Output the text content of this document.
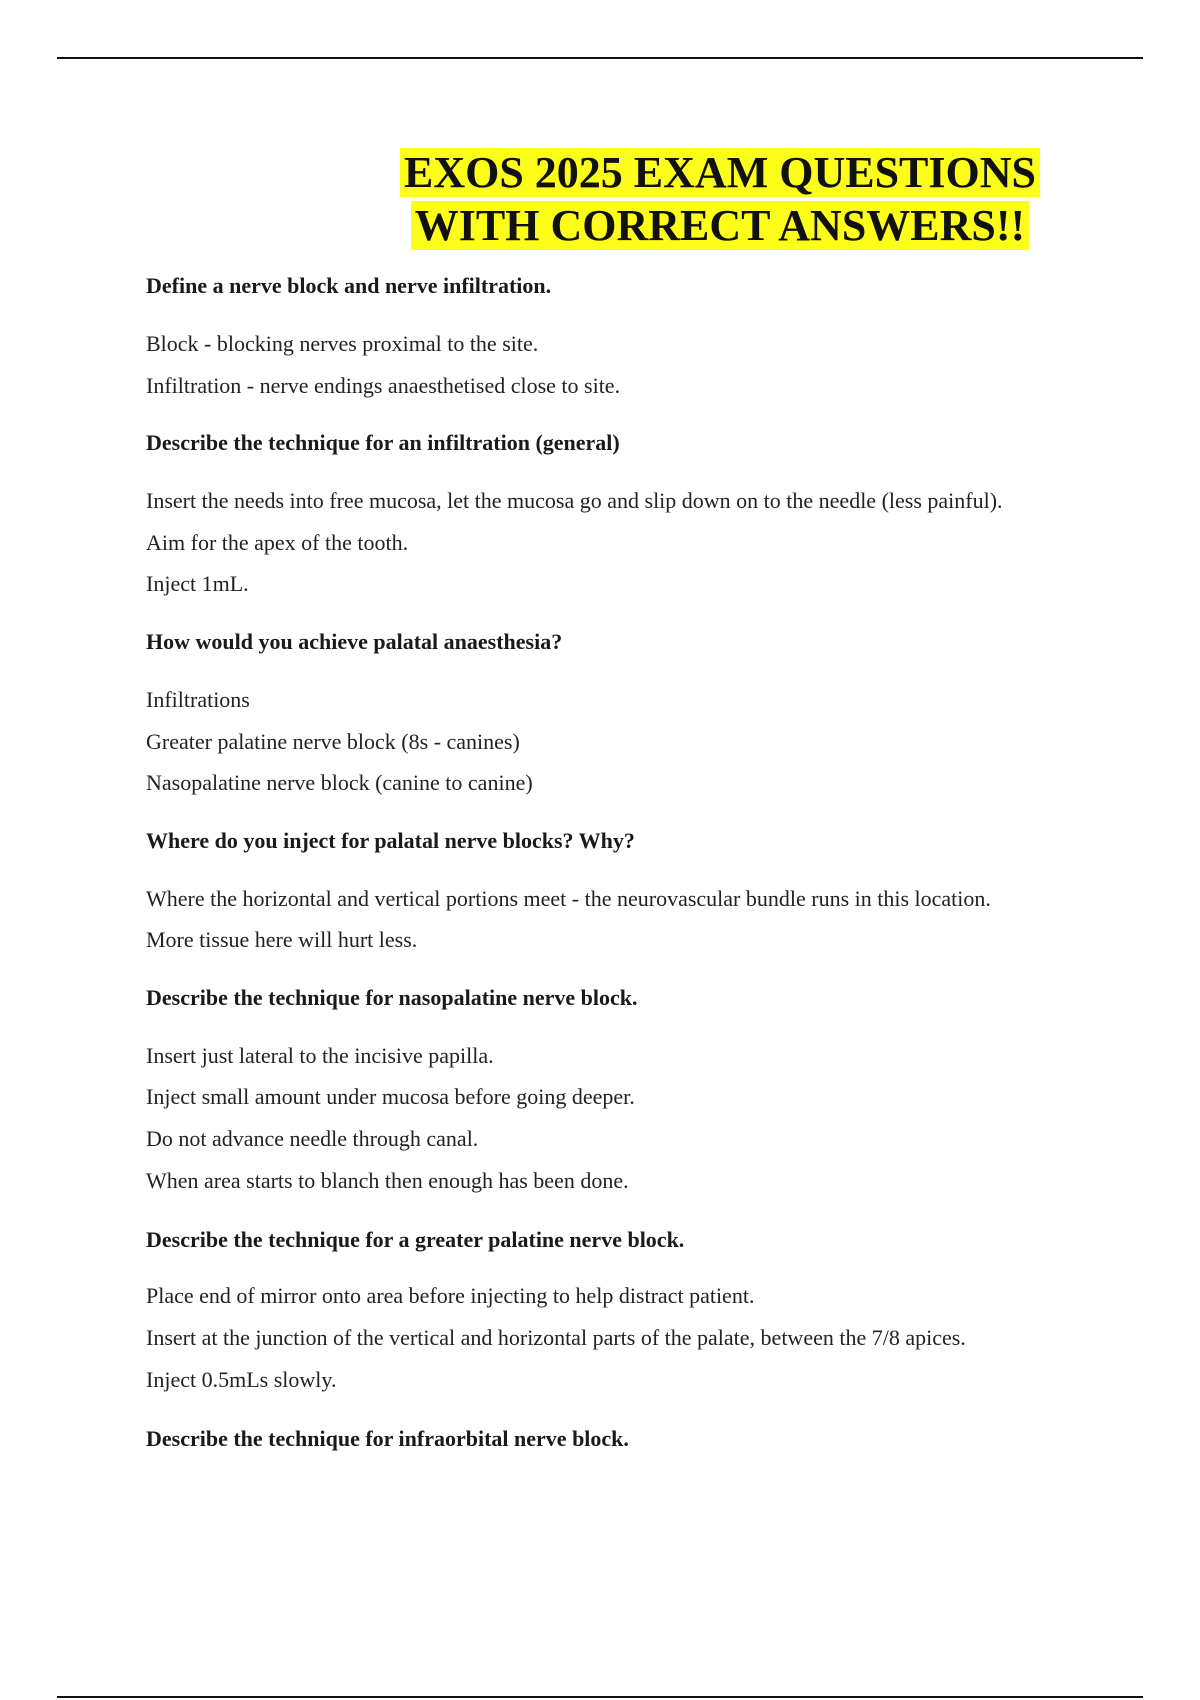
EXOS 2025 EXAM QUESTIONS
WITH CORRECT ANSWERS!!

Define a nerve block and nerve infiltration.

Block - blocking nerves proximal to the site.

Infiltration - nerve endings anaesthetised close to site.

Describe the technique for an infiltration (general)

Insert the needs into free mucosa, let the mucosa go and slip down on to the needle (less painful).

Aim for the apex of the tooth.

Inject 1mL.

How would you achieve palatal anaesthesia?

Infiltrations

Greater palatine nerve block (8s - canines)

Nasopalatine nerve block (canine to canine)

Where do you inject for palatal nerve blocks? Why?

Where the horizontal and vertical portions meet - the neurovascular bundle runs in this location.

More tissue here will hurt less.

Describe the technique for nasopalatine nerve block.

Insert just lateral to the incisive papilla.

Inject small amount under mucosa before going deeper.

Do not advance needle through canal.

When area starts to blanch then enough has been done.

Describe the technique for a greater palatine nerve block.

Place end of mirror onto area before injecting to help distract patient.

Insert at the junction of the vertical and horizontal parts of the palate, between the 7/8 apices.

Inject 0.5mLs slowly.

Describe the technique for infraorbital nerve block.
